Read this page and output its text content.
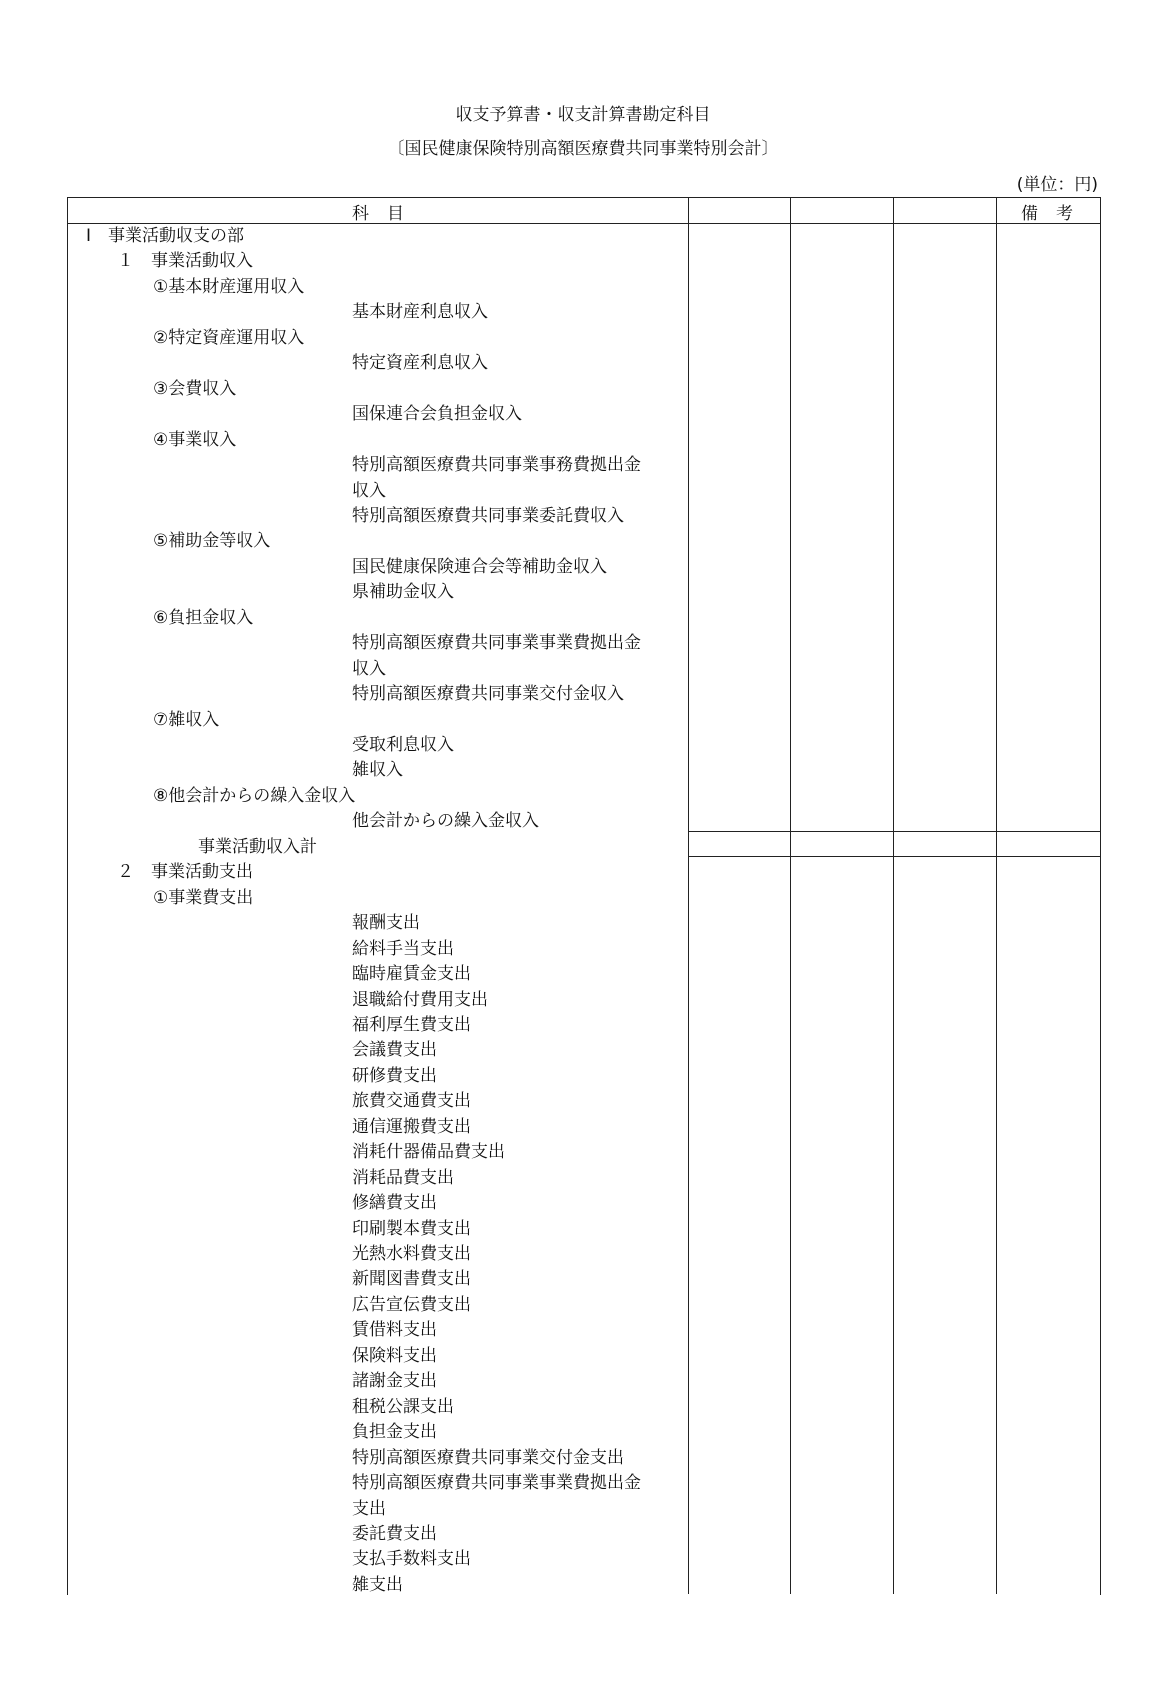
収支予算書・収支計算書勘定科目
〔国民健康保険特別高額医療費共同事業特別会計〕
(単位：円)
科目	備考
Ⅰ　事業活動収支の部
１　事業活動収入
①基本財産運用収入
基本財産利息収入
②特定資産運用収入
特定資産利息収入
③会費収入
国保連合会負担金収入
④事業収入
特別高額医療費共同事業事務費拠出金
収入
特別高額医療費共同事業委託費収入
⑤補助金等収入
国民健康保険連合会等補助金収入
県補助金収入
⑥負担金収入
特別高額医療費共同事業事業費拠出金
収入
特別高額医療費共同事業交付金収入
⑦雑収入
受取利息収入
雑収入
⑧他会計からの繰入金収入
他会計からの繰入金収入
事業活動収入計
２　事業活動支出
①事業費支出
報酬支出
給料手当支出
臨時雇賃金支出
退職給付費用支出
福利厚生費支出
会議費支出
研修費支出
旅費交通費支出
通信運搬費支出
消耗什器備品費支出
消耗品費支出
修繕費支出
印刷製本費支出
光熱水料費支出
新聞図書費支出
広告宣伝費支出
賃借料支出
保険料支出
諸謝金支出
租税公課支出
負担金支出
特別高額医療費共同事業交付金支出
特別高額医療費共同事業事業費拠出金
支出
委託費支出
支払手数料支出
雑支出
